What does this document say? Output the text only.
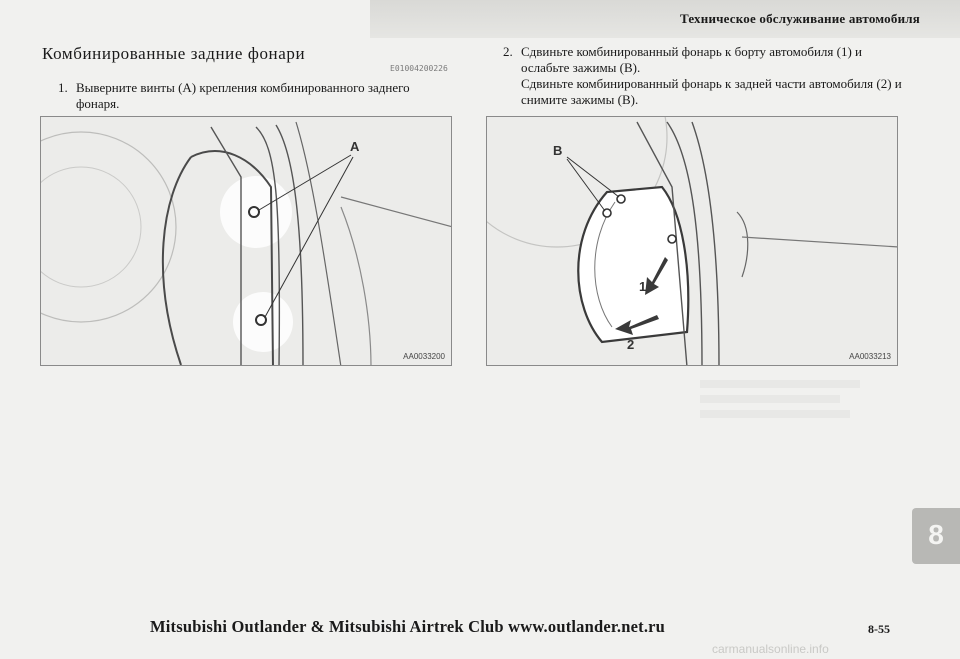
Техническое обслуживание автомобиля
Комбинированные задние фонари
E01004200226
1. Выверните винты (A) крепления комбинированного заднего фонаря.
2. Сдвиньте комбинированный фонарь к борту автомобиля (1) и ослабьте зажимы (B).
Сдвиньте комбинированный фонарь к задней части автомобиля (2) и снимите зажимы (B).
A
AA0033200
B
1
2
AA0033213
8
Mitsubishi Outlander & Mitsubishi Airtrek Club www.outlander.net.ru	8-55
carmanualsonline.info
